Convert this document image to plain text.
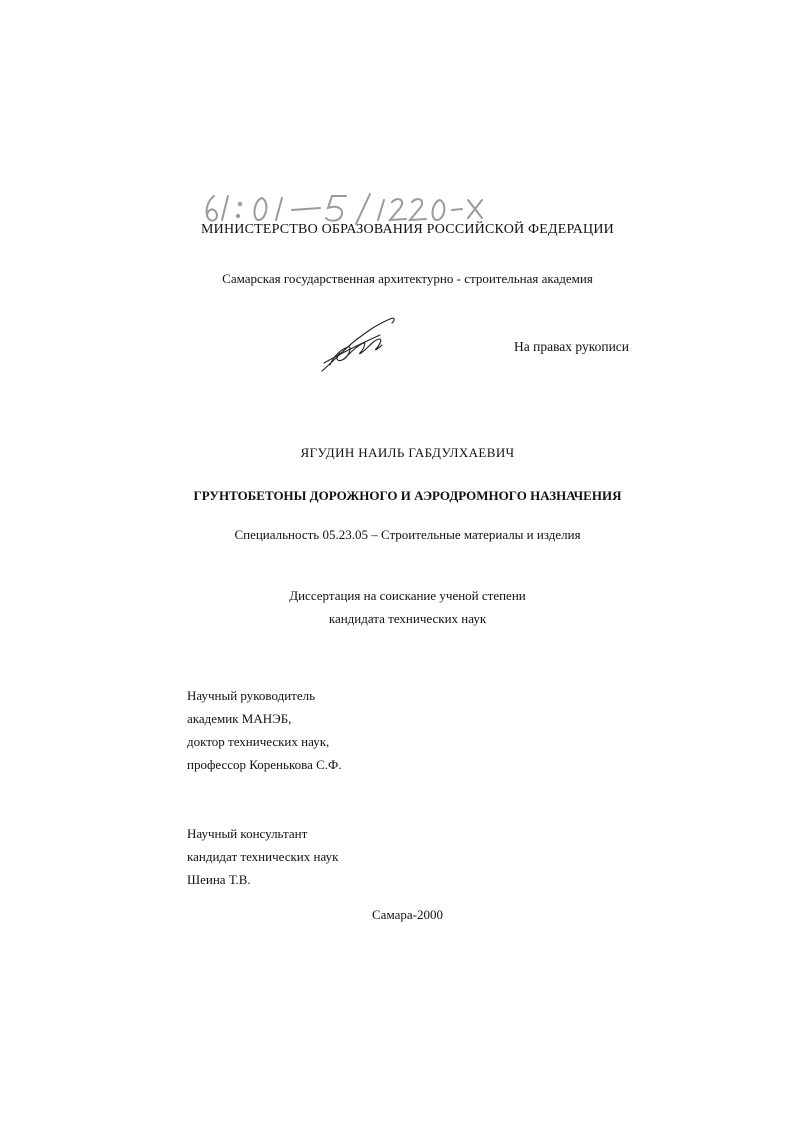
МИНИСТЕРСТВО ОБРАЗОВАНИЯ РОССИЙСКОЙ ФЕДЕРАЦИИ
Самарская государственная архитектурно - строительная академия
На правах рукописи
ЯГУДИН НАИЛЬ ГАБДУЛХАЕВИЧ
ГРУНТОБЕТОНЫ ДОРОЖНОГО И АЭРОДРОМНОГО НАЗНАЧЕНИЯ
Специальность 05.23.05 – Строительные материалы и изделия
Диссертация на соискание ученой степени
кандидата технических наук
Научный руководитель
академик МАНЭБ,
доктор технических наук,
профессор Коренькова С.Ф.
Научный консультант
кандидат технических наук
Шеина Т.В.
Самара-2000
